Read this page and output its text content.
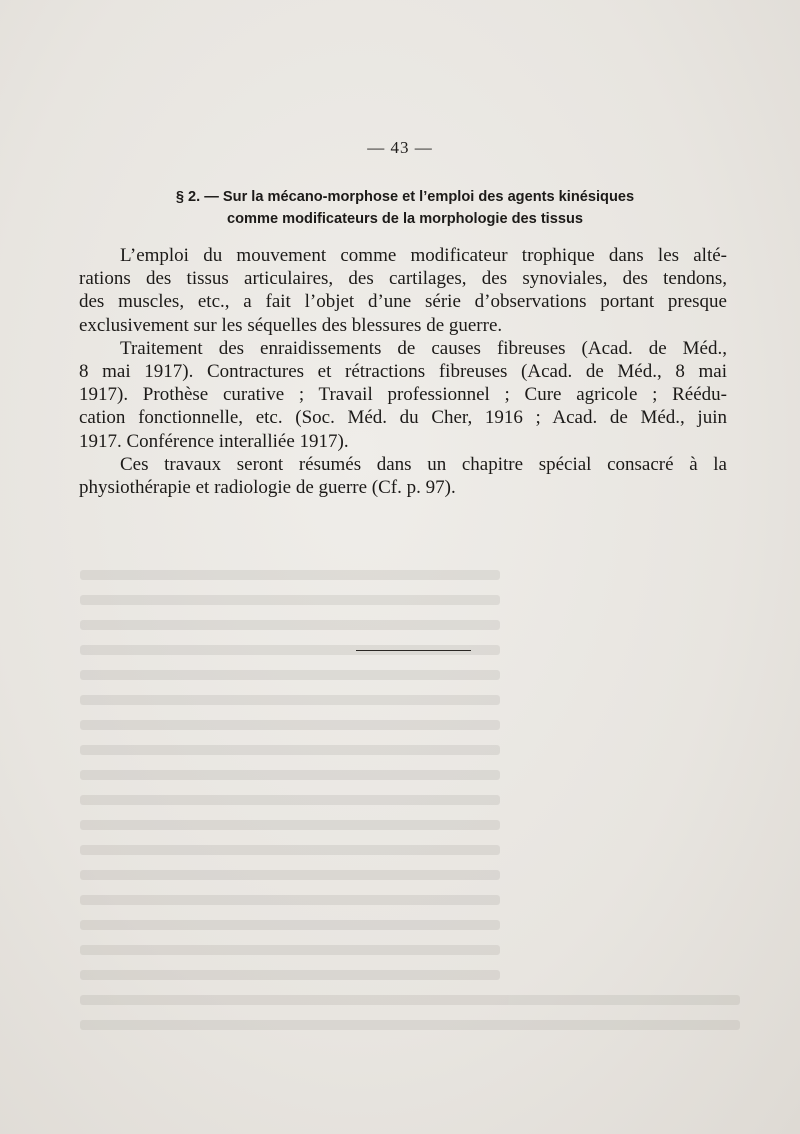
— 43 —
§ 2. — Sur la mécano-morphose et l’emploi des agents kinésiques
comme modificateurs de la morphologie des tissus
L’emploi du mouvement comme modificateur trophique dans les alté-
rations des tissus articulaires, des cartilages, des synoviales, des tendons,
des muscles, etc., a fait l’objet d’une série d’observations portant presque
exclusivement sur les séquelles des blessures de guerre.
Traitement des enraidissements de causes fibreuses (Acad. de Méd.,
8 mai 1917). Contractures et rétractions fibreuses (Acad. de Méd., 8 mai
1917). Prothèse curative ; Travail professionnel ; Cure agricole ; Réédu-
cation fonctionnelle, etc. (Soc. Méd. du Cher, 1916 ; Acad. de Méd., juin
1917. Conférence interalliée 1917).
Ces travaux seront résumés dans un chapitre spécial consacré à la
physiothérapie et radiologie de guerre (Cf. p. 97).
